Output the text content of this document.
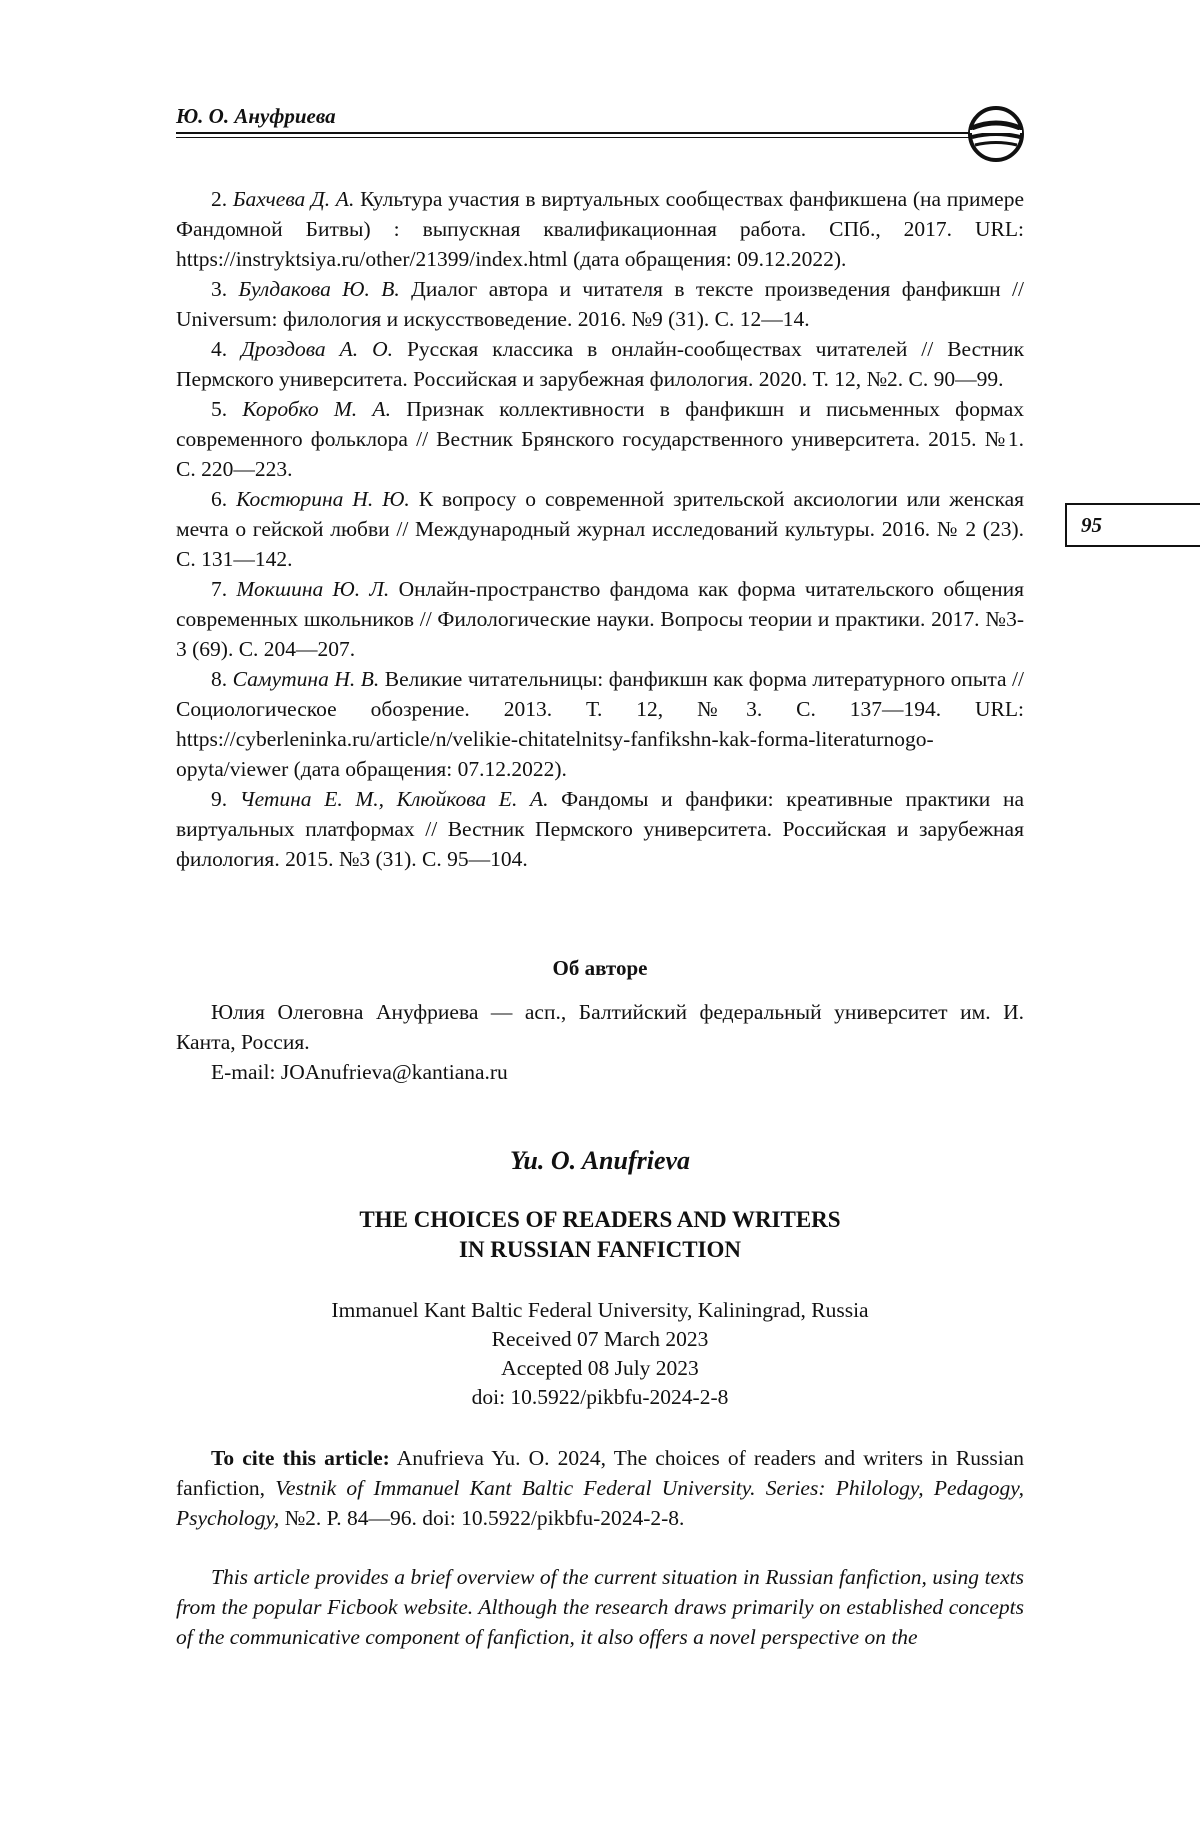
Ю. О. Ануфриева
95

2. Бахчева Д. А. Культура участия в виртуальных сообществах фанфикшена (на примере Фандомной Битвы) : выпускная квалификационная работа. СПб., 2017. URL: https://instryktsiya.ru/other/21399/index.html (дата обращения: 09.12.2022).

3. Булдакова Ю. В. Диалог автора и читателя в тексте произведения фанфикшн // Universum: филология и искусствоведение. 2016. №9 (31). С. 12—14.

4. Дроздова А. О. Русская классика в онлайн-сообществах читателей // Вестник Пермского университета. Российская и зарубежная филология. 2020. Т. 12, №2. С. 90—99.

5. Коробко М. А. Признак коллективности в фанфикшн и письменных формах современного фольклора // Вестник Брянского государственного университета. 2015. №1. С. 220—223.

6. Костюрина Н. Ю. К вопросу о современной зрительской аксиологии или женская мечта о гейской любви // Международный журнал исследований культуры. 2016. № 2 (23). С. 131—142.

7. Мокшина Ю. Л. Онлайн-пространство фандома как форма читательского общения современных школьников // Филологические науки. Вопросы теории и практики. 2017. №3-3 (69). С. 204—207.

8. Самутина Н. В. Великие читательницы: фанфикшн как форма литературного опыта // Социологическое обозрение. 2013. Т. 12, №3. С. 137—194. URL: https://cyberleninka.ru/article/n/velikie-chitatelnitsy-fanfikshn-kak-forma-literaturnogo-opyta/viewer (дата обращения: 07.12.2022).

9. Четина Е. М., Клюйкова Е. А. Фандомы и фанфики: креативные практики на виртуальных платформах // Вестник Пермского университета. Российская и зарубежная филология. 2015. №3 (31). С. 95—104.

Об авторе

Юлия Олеговна Ануфриева — асп., Балтийский федеральный университет им. И. Канта, Россия.

E-mail: JOAnufrieva@kantiana.ru

Yu. O. Anufrieva
THE CHOICES OF READERS AND WRITERS
IN RUSSIAN FANFICTION
Immanuel Kant Baltic Federal University, Kaliningrad, Russia
Received 07 March 2023
Accepted 08 July 2023
doi: 10.5922/pikbfu-2024-2-8
To cite this article: Anufrieva Yu. O. 2024, The choices of readers and writers in Russian fanfiction, Vestnik of Immanuel Kant Baltic Federal University. Series: Philology, Pedagogy, Psychology, №2. P. 84—96. doi: 10.5922/pikbfu-2024-2-8.
This article provides a brief overview of the current situation in Russian fanfiction, using texts from the popular Ficbook website. Although the research draws primarily on established concepts of the communicative component of fanfiction, it also offers a novel perspective on the
